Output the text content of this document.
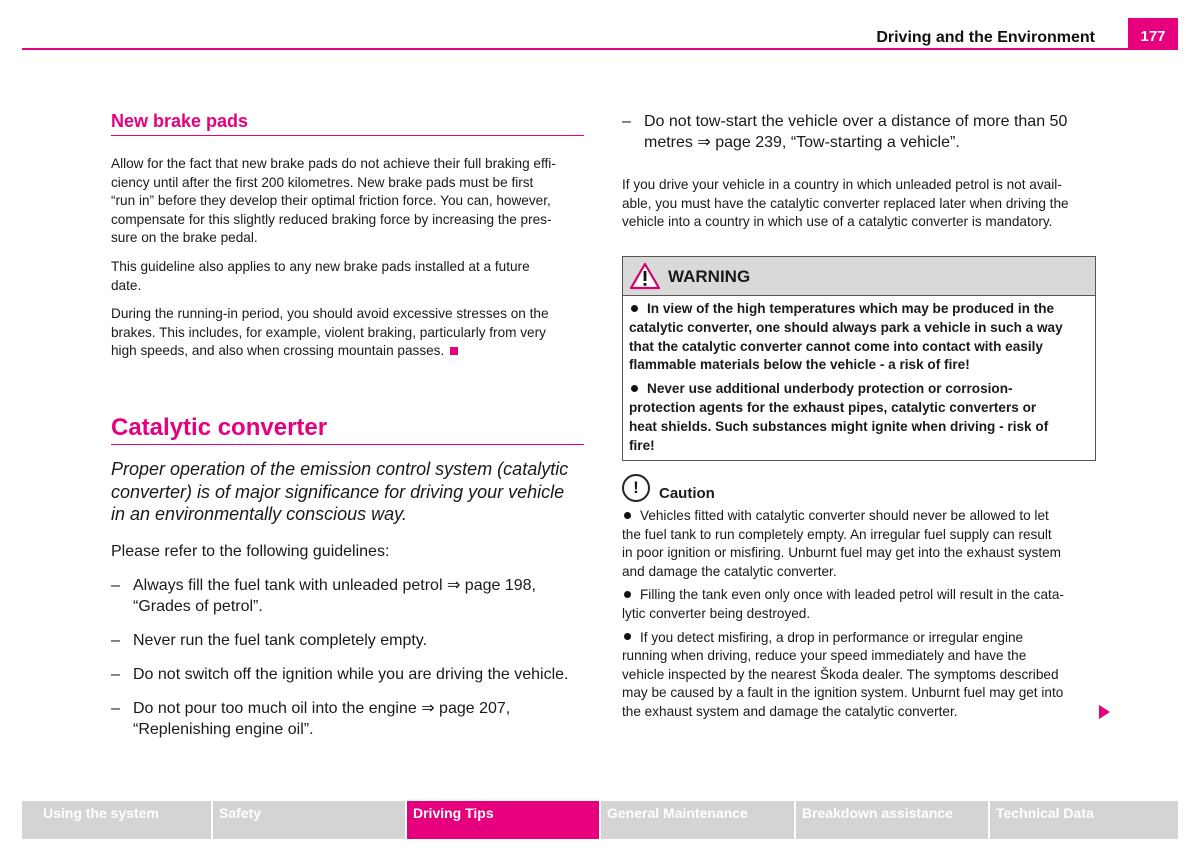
Driving and the Environment	177
New brake pads

Allow for the fact that new brake pads do not achieve their full braking effi-

ciency until after the first 200 kilometres. New brake pads must be first

“run in” before they develop their optimal friction force. You can, however,

compensate for this slightly reduced braking force by increasing the pres-

sure on the brake pedal.

This guideline also applies to any new brake pads installed at a future

date.

During the running-in period, you should avoid excessive stresses on the

brakes. This includes, for example, violent braking, particularly from very

high speeds, and also when crossing mountain passes.

Catalytic converter

Proper operation of the emission control system (catalytic

converter) is of major significance for driving your vehicle

in an environmentally conscious way.

Please refer to the following guidelines:

– Always fill the fuel tank with unleaded petrol ⇒ page 198,
“Grades of petrol”.
– Never run the fuel tank completely empty.
– Do not switch off the ignition while you are driving the vehicle.
– Do not pour too much oil into the engine ⇒ page 207,
“Replenishing engine oil”.
– Do not tow-start the vehicle over a distance of more than 50
metres ⇒ page 239, “Tow-starting a vehicle”.

If you drive your vehicle in a country in which unleaded petrol is not avail-

able, you must have the catalytic converter replaced later when driving the

vehicle into a country in which use of a catalytic converter is mandatory.

WARNING

In view of the high temperatures which may be produced in the
catalytic converter, one should always park a vehicle in such a way
that the catalytic converter cannot come into contact with easily
flammable materials below the vehicle - a risk of fire!

Never use additional underbody protection or corrosion-
protection agents for the exhaust pipes, catalytic converters or
heat shields. Such substances might ignite when driving - risk of
fire!

!	Caution

Vehicles fitted with catalytic converter should never be allowed to let
the fuel tank to run completely empty. An irregular fuel supply can result
in poor ignition or misfiring. Unburnt fuel may get into the exhaust system
and damage the catalytic converter.

Filling the tank even only once with leaded petrol will result in the cata-
lytic converter being destroyed.

If you detect misfiring, a drop in performance or irregular engine
running when driving, reduce your speed immediately and have the
vehicle inspected by the nearest Škoda dealer. The symptoms described
may be caused by a fault in the ignition system. Unburnt fuel may get into
the exhaust system and damage the catalytic converter.

Using the system	Safety	Driving Tips	General Maintenance	Breakdown assistance	Technical Data
